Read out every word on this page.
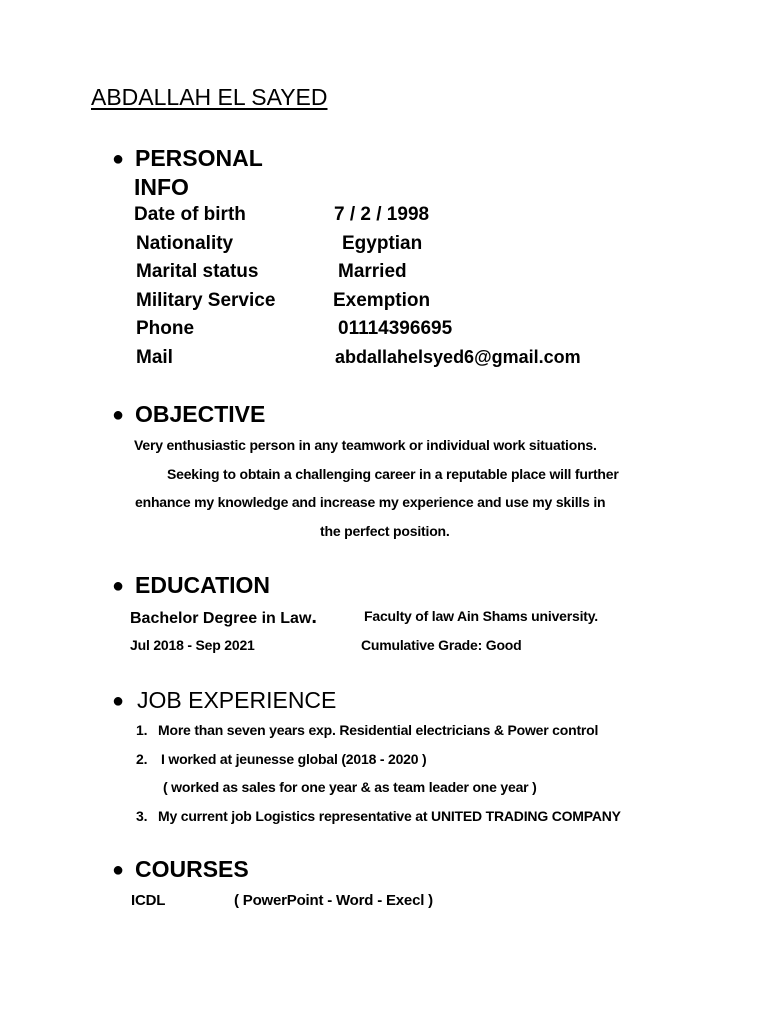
ABDALLAH EL SAYED
● PERSONAL
INFO
Date of birth	7 / 2 / 1998
Nationality	Egyptian
Marital status	Married
Military Service	Exemption
Phone	01114396695
Mail	abdallahelsyed6@gmail.com
● OBJECTIVE
Very enthusiastic person in any teamwork or individual work situations.
Seeking to obtain a challenging career in a reputable place will further
enhance my knowledge and increase my experience and use my skills in
the perfect position.
● EDUCATION
Bachelor Degree in Law.	Faculty of law Ain Shams university.
Jul 2018 - Sep 2021	Cumulative Grade: Good
● JOB EXPERIENCE
1. More than seven years exp. Residential electricians & Power control
2. I worked at jeunesse global (2018 - 2020 )
( worked as sales for one year & as team leader one year )
3. My current job Logistics representative at UNITED TRADING COMPANY
● COURSES
ICDL	( PowerPoint - Word - Execl )
